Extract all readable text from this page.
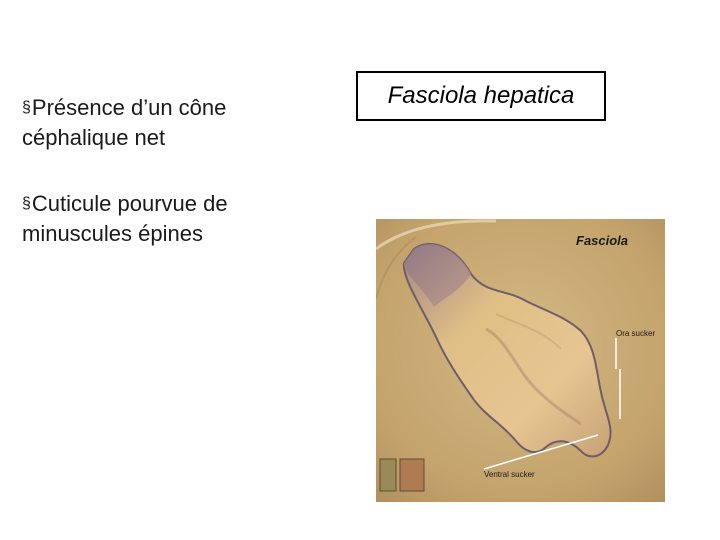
§Présence d’un cône céphalique net
§Cuticule pourvue de minuscules épines
Fasciola hepatica
Fasciola
Ora sucker
Ventral sucker
